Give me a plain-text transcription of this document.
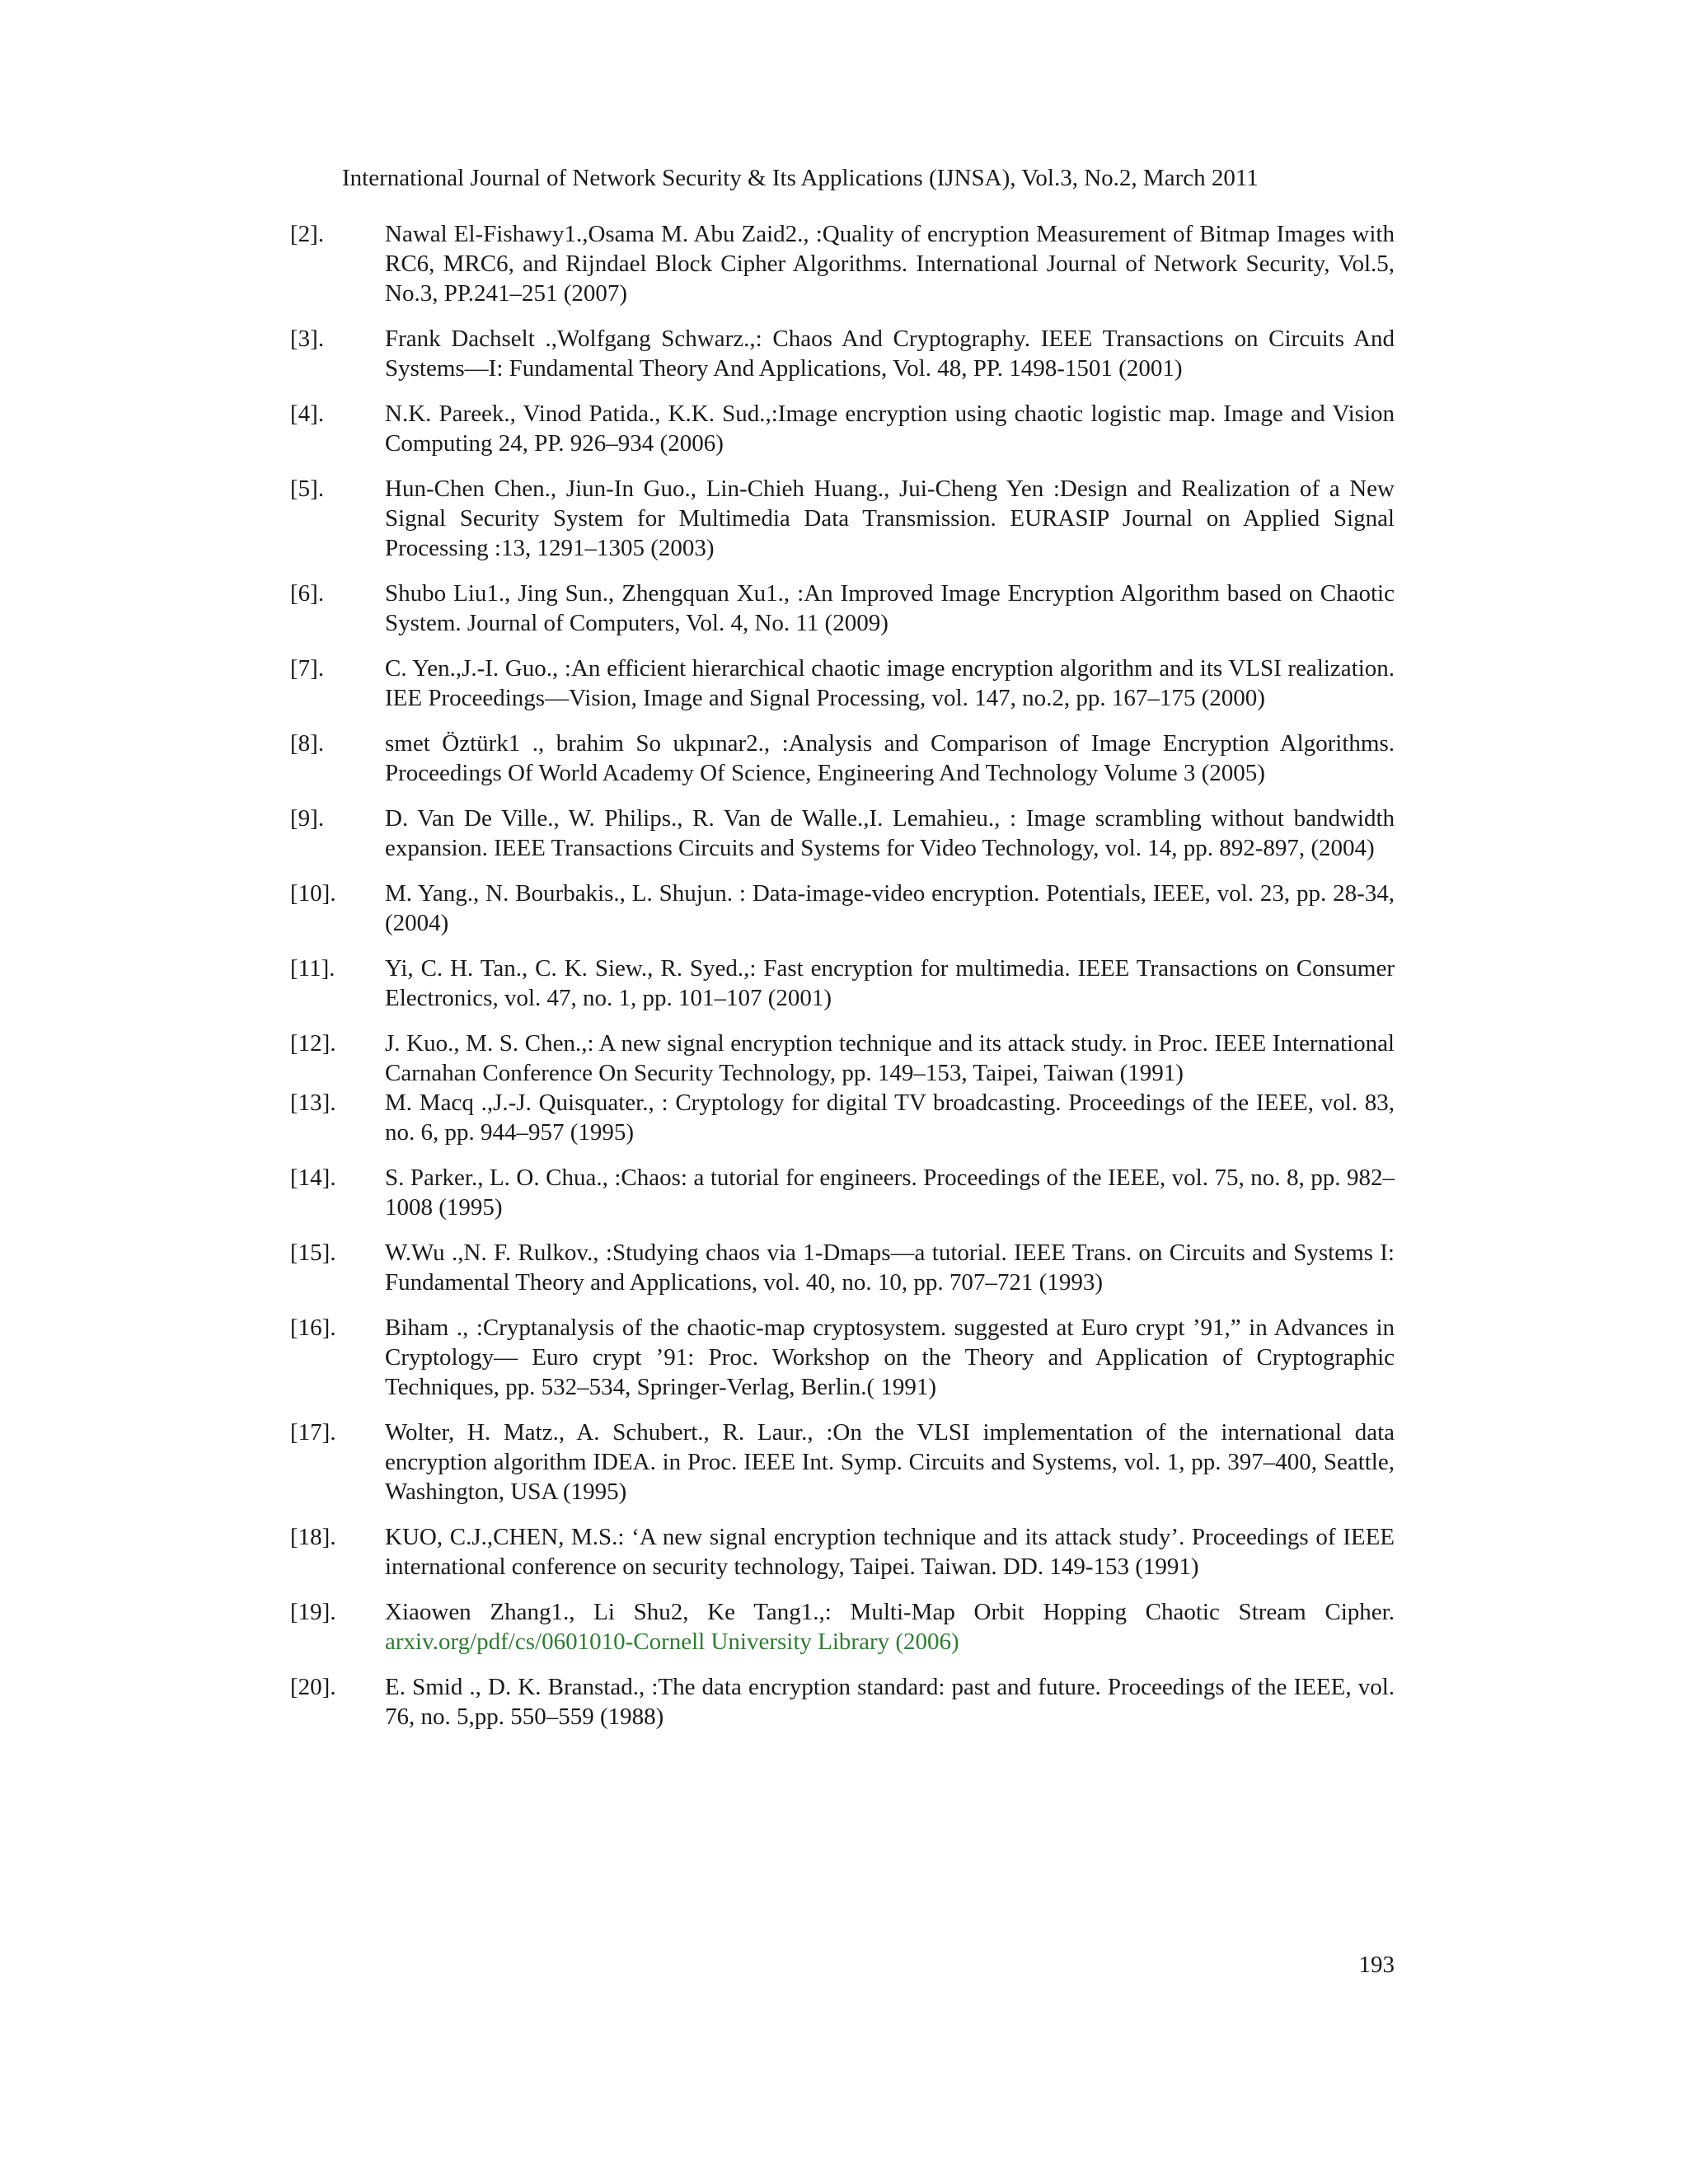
International Journal of Network Security & Its Applications (IJNSA), Vol.3, No.2, March 2011
[2].	Nawal El-Fishawy1.,Osama M. Abu Zaid2., :Quality of encryption Measurement of Bitmap Images with RC6, MRC6, and Rijndael Block Cipher Algorithms. International Journal of Network Security, Vol.5, No.3, PP.241–251 (2007)
[3].	Frank Dachselt .,Wolfgang Schwarz.,: Chaos And Cryptography. IEEE Transactions on Circuits And Systems—I: Fundamental Theory And Applications, Vol. 48, PP. 1498-1501 (2001)
[4].	N.K. Pareek., Vinod Patida., K.K. Sud.,:Image encryption using chaotic logistic map. Image and Vision Computing 24, PP. 926–934 (2006)
[5].	Hun-Chen Chen., Jiun-In Guo., Lin-Chieh Huang., Jui-Cheng Yen :Design and Realization of a New Signal Security System for Multimedia Data Transmission. EURASIP Journal on Applied Signal Processing :13, 1291–1305 (2003)
[6].	Shubo Liu1., Jing Sun., Zhengquan Xu1., :An Improved Image Encryption Algorithm based on Chaotic System. Journal of Computers, Vol. 4, No. 11 (2009)
[7].	C. Yen.,J.-I. Guo., :An efficient hierarchical chaotic image encryption algorithm and its VLSI realization. IEE Proceedings—Vision, Image and Signal Processing, vol. 147, no.2, pp. 167–175 (2000)
[8].	smet Öztürk1 ., brahim So ukpınar2., :Analysis and Comparison of Image Encryption Algorithms. Proceedings Of World Academy Of Science, Engineering And Technology Volume 3 (2005)
[9].	D. Van De Ville., W. Philips., R. Van de Walle.,I. Lemahieu., : Image scrambling without bandwidth expansion. IEEE Transactions Circuits and Systems for Video Technology, vol. 14, pp. 892-897, (2004)
[10].	M. Yang., N. Bourbakis., L. Shujun. : Data-image-video encryption. Potentials, IEEE, vol. 23, pp. 28-34, (2004)
[11].	Yi, C. H. Tan., C. K. Siew., R. Syed.,: Fast encryption for multimedia. IEEE Transactions on Consumer Electronics, vol. 47, no. 1, pp. 101–107 (2001)
[12].	J. Kuo., M. S. Chen.,: A new signal encryption technique and its attack study. in Proc. IEEE International Carnahan Conference On Security Technology, pp. 149–153, Taipei, Taiwan (1991)
[13].	M. Macq .,J.-J. Quisquater., : Cryptology for digital TV broadcasting. Proceedings of the IEEE, vol. 83, no. 6, pp. 944–957 (1995)
[14].	S. Parker., L. O. Chua., :Chaos: a tutorial for engineers. Proceedings of the IEEE, vol. 75, no. 8, pp. 982–1008 (1995)
[15].	W.Wu .,N. F. Rulkov., :Studying chaos via 1-Dmaps—a tutorial. IEEE Trans. on Circuits and Systems I: Fundamental Theory and Applications, vol. 40, no. 10, pp. 707–721 (1993)
[16].	Biham ., :Cryptanalysis of the chaotic-map cryptosystem. suggested at Euro crypt ’91,” in Advances in Cryptology— Euro crypt ’91: Proc. Workshop on the Theory and Application of Cryptographic Techniques, pp. 532–534, Springer-Verlag, Berlin.( 1991)
[17].	Wolter, H. Matz., A. Schubert., R. Laur., :On the VLSI implementation of the international data encryption algorithm IDEA. in Proc. IEEE Int. Symp. Circuits and Systems, vol. 1, pp. 397–400, Seattle, Washington, USA (1995)
[18].	KUO, C.J.,CHEN, M.S.: ‘A new signal encryption technique and its attack study’. Proceedings of IEEE international conference on security technology, Taipei. Taiwan. DD. 149-153 (1991)
[19].	Xiaowen Zhang1., Li Shu2, Ke Tang1.,: Multi-Map Orbit Hopping Chaotic Stream Cipher. arxiv.org/pdf/cs/0601010-Cornell University Library (2006)
[20].	E. Smid ., D. K. Branstad., :The data encryption standard: past and future. Proceedings of the IEEE, vol. 76, no. 5,pp. 550–559 (1988)
193
